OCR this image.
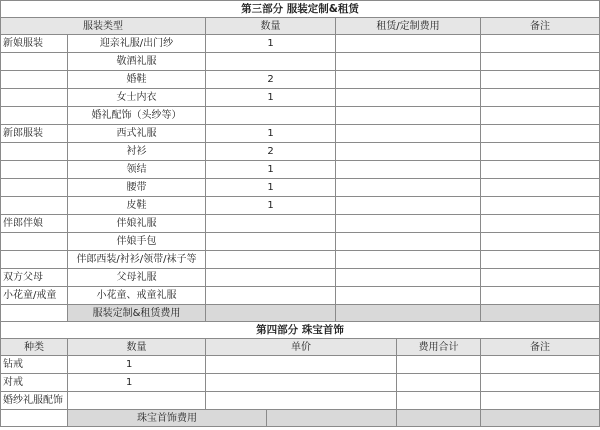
第三部分 服装定制&租赁						
服装类型		数量		租赁/定制费用		备注
新娘服装	迎亲礼服/出门纱	1				
	敬酒礼服					
	婚鞋	2				
	女士内衣	1				
	婚礼配饰（头纱等）					
新郎服装	西式礼服	1				
	衬衫	2				
	领结	1				
	腰带	1				
	皮鞋	1				
伴郎伴娘	伴娘礼服					
	伴娘手包					
	伴郎西装/衬衫/领带/袜子等					
双方父母	父母礼服					
小花童/戒童	小花童、戒童礼服					
	服装定制&租赁费用					
第四部分 珠宝首饰						
种类	数量	单价			费用合计	备注
钻戒	1					
对戒	1					
婚纱礼服配饰						
	珠宝首饰费用					
